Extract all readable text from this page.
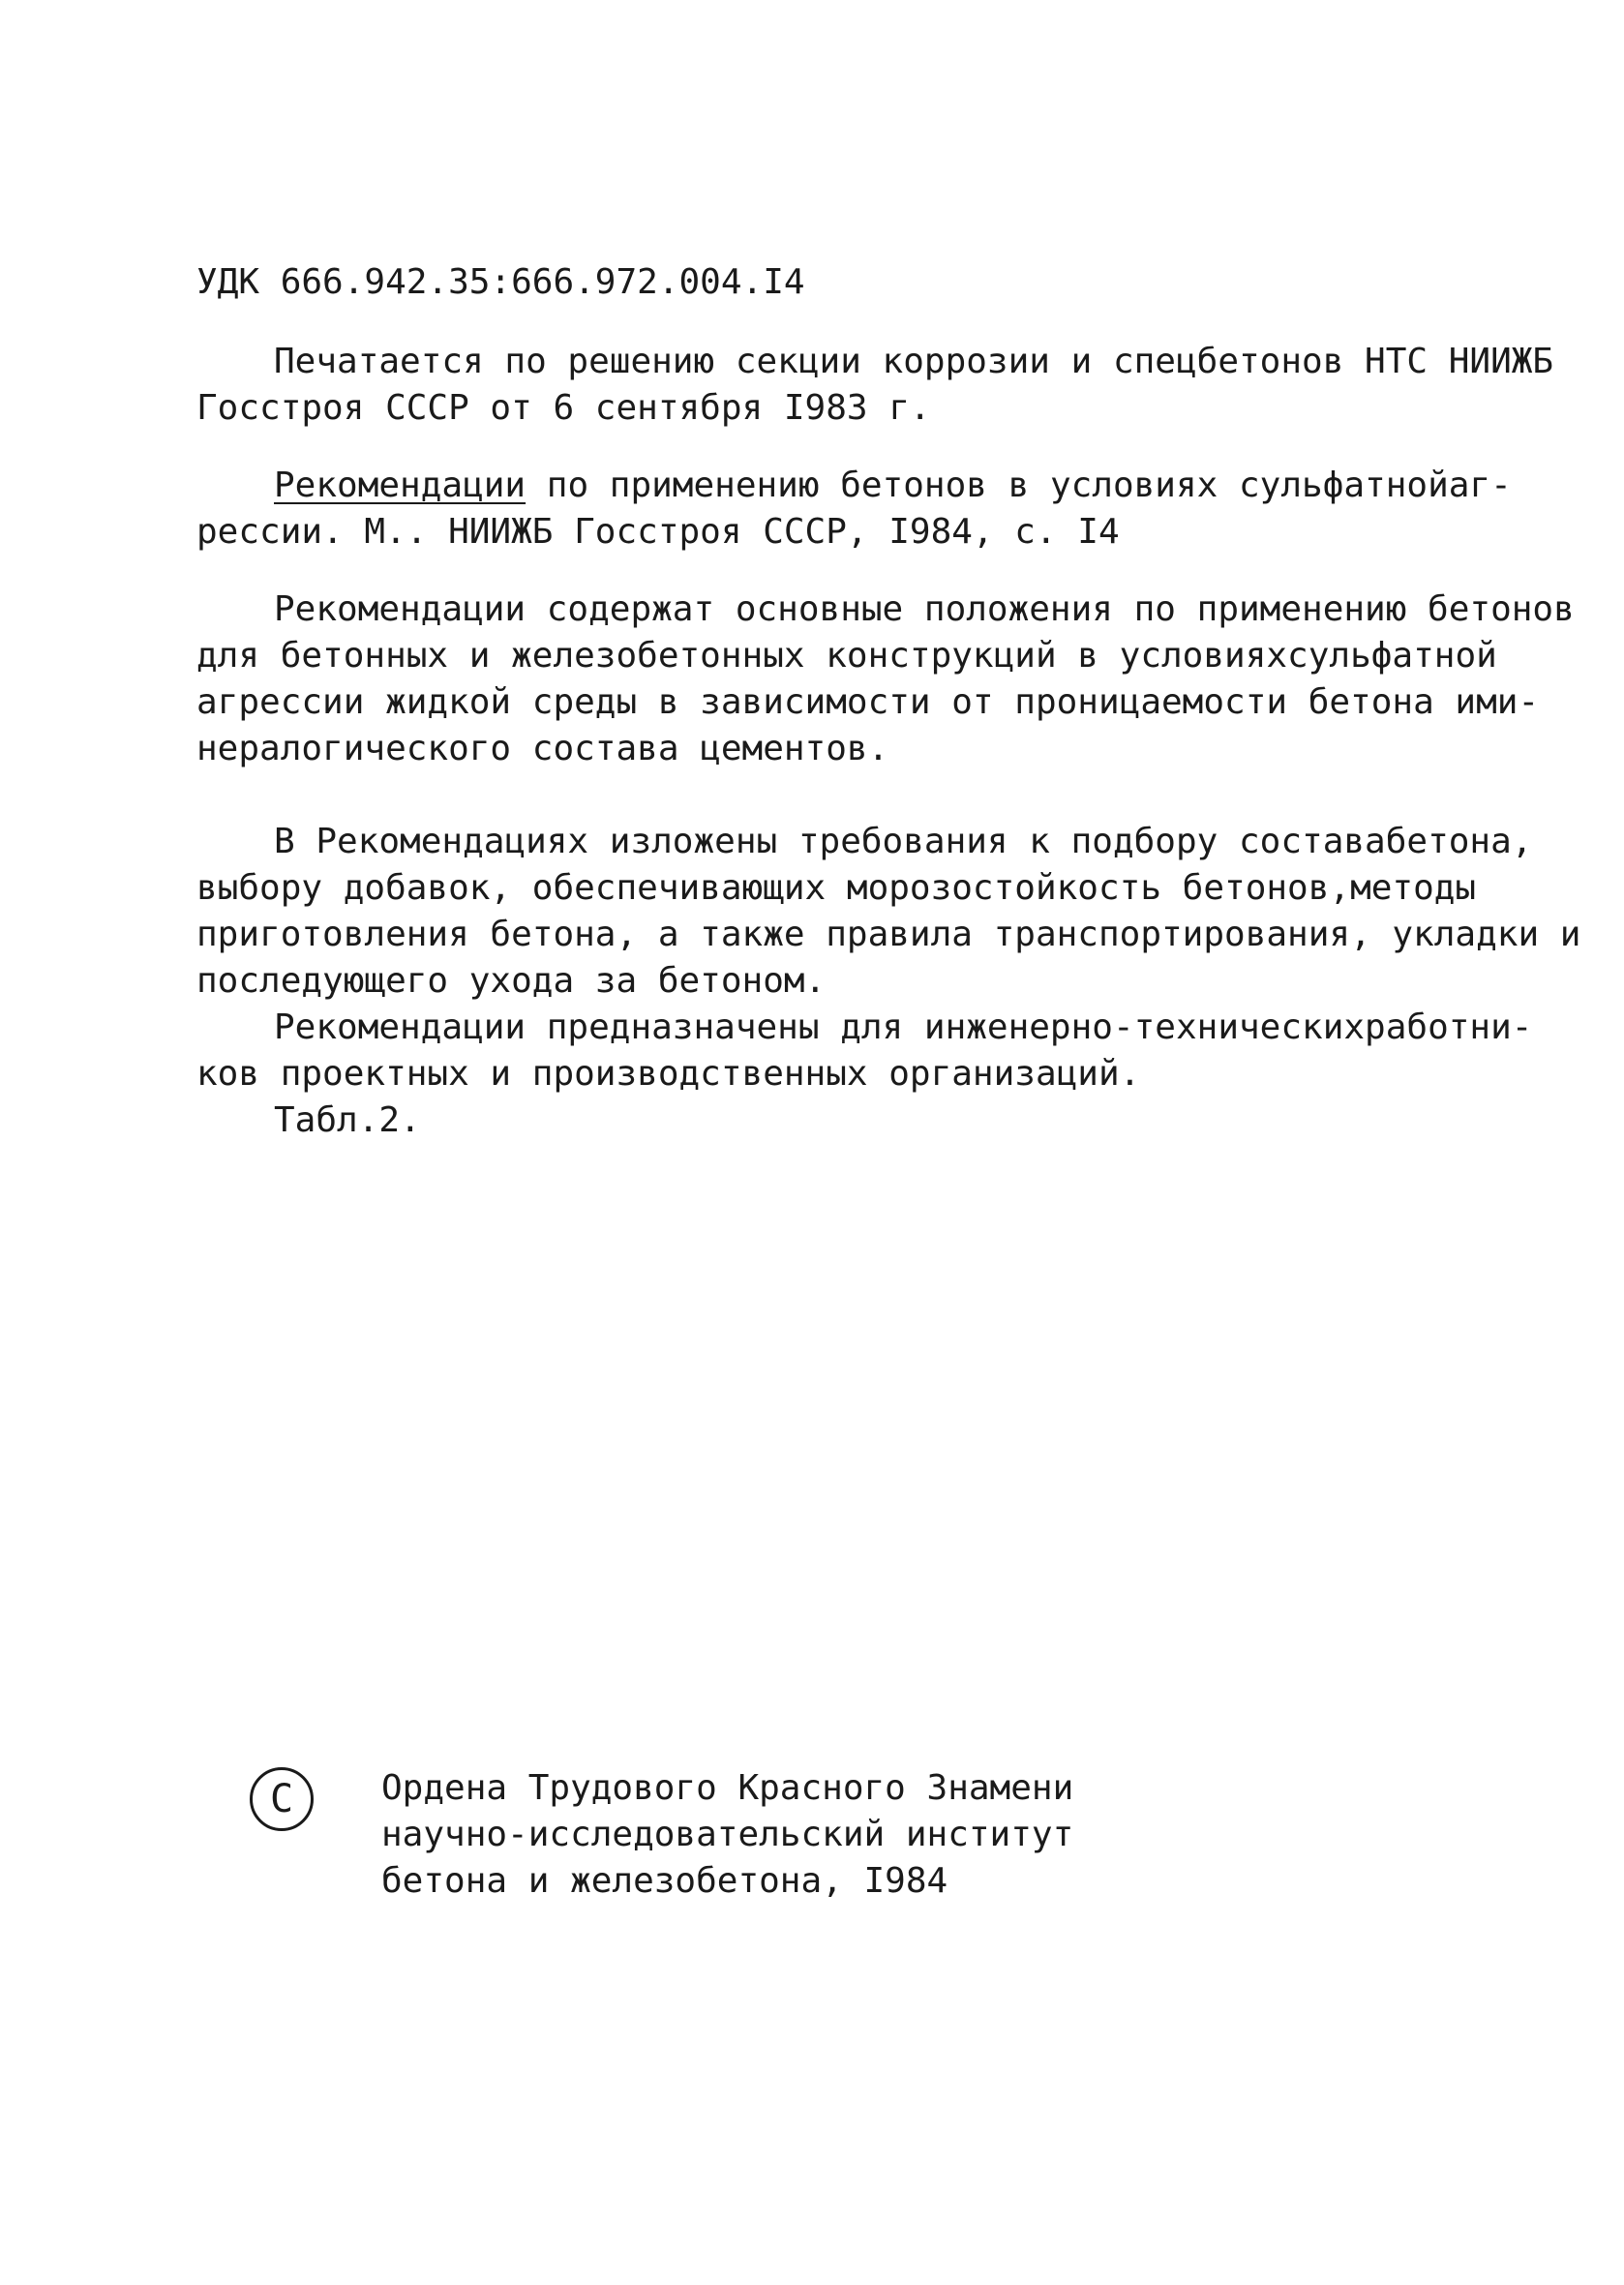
УДК 666.942.35:666.972.004.I4
Печатается по решению секции коррозии и спецбетонов НТС НИИЖБ
Госстроя СССР от 6 сентября I983 г.
Рекомендации по применению бетонов в условиях сульфатной аг-
рессии. М.. НИИЖБ Госстроя СССР, I984, с. I4
Рекомендации содержат основные положения по применению бетонов
для бетонных и железобетонных конструкций в условиях сульфатной
агрессии жидкой среды в зависимости от проницаемости бетона и ми-
нералогического состава цементов.
В Рекомендациях изложены требования к подбору состава бетона,
выбору добавок, обеспечивающих морозостойкость бетонов, методы
приготовления бетона, а также правила транспортирования, укладки и
последующего ухода за бетоном.
Рекомендации предназначены для инженерно-технических работни-
ков проектных и производственных организаций.
Табл.2.
С	Ордена Трудового Красного Знамени
научно-исследовательский институт
бетона и железобетона, I984
